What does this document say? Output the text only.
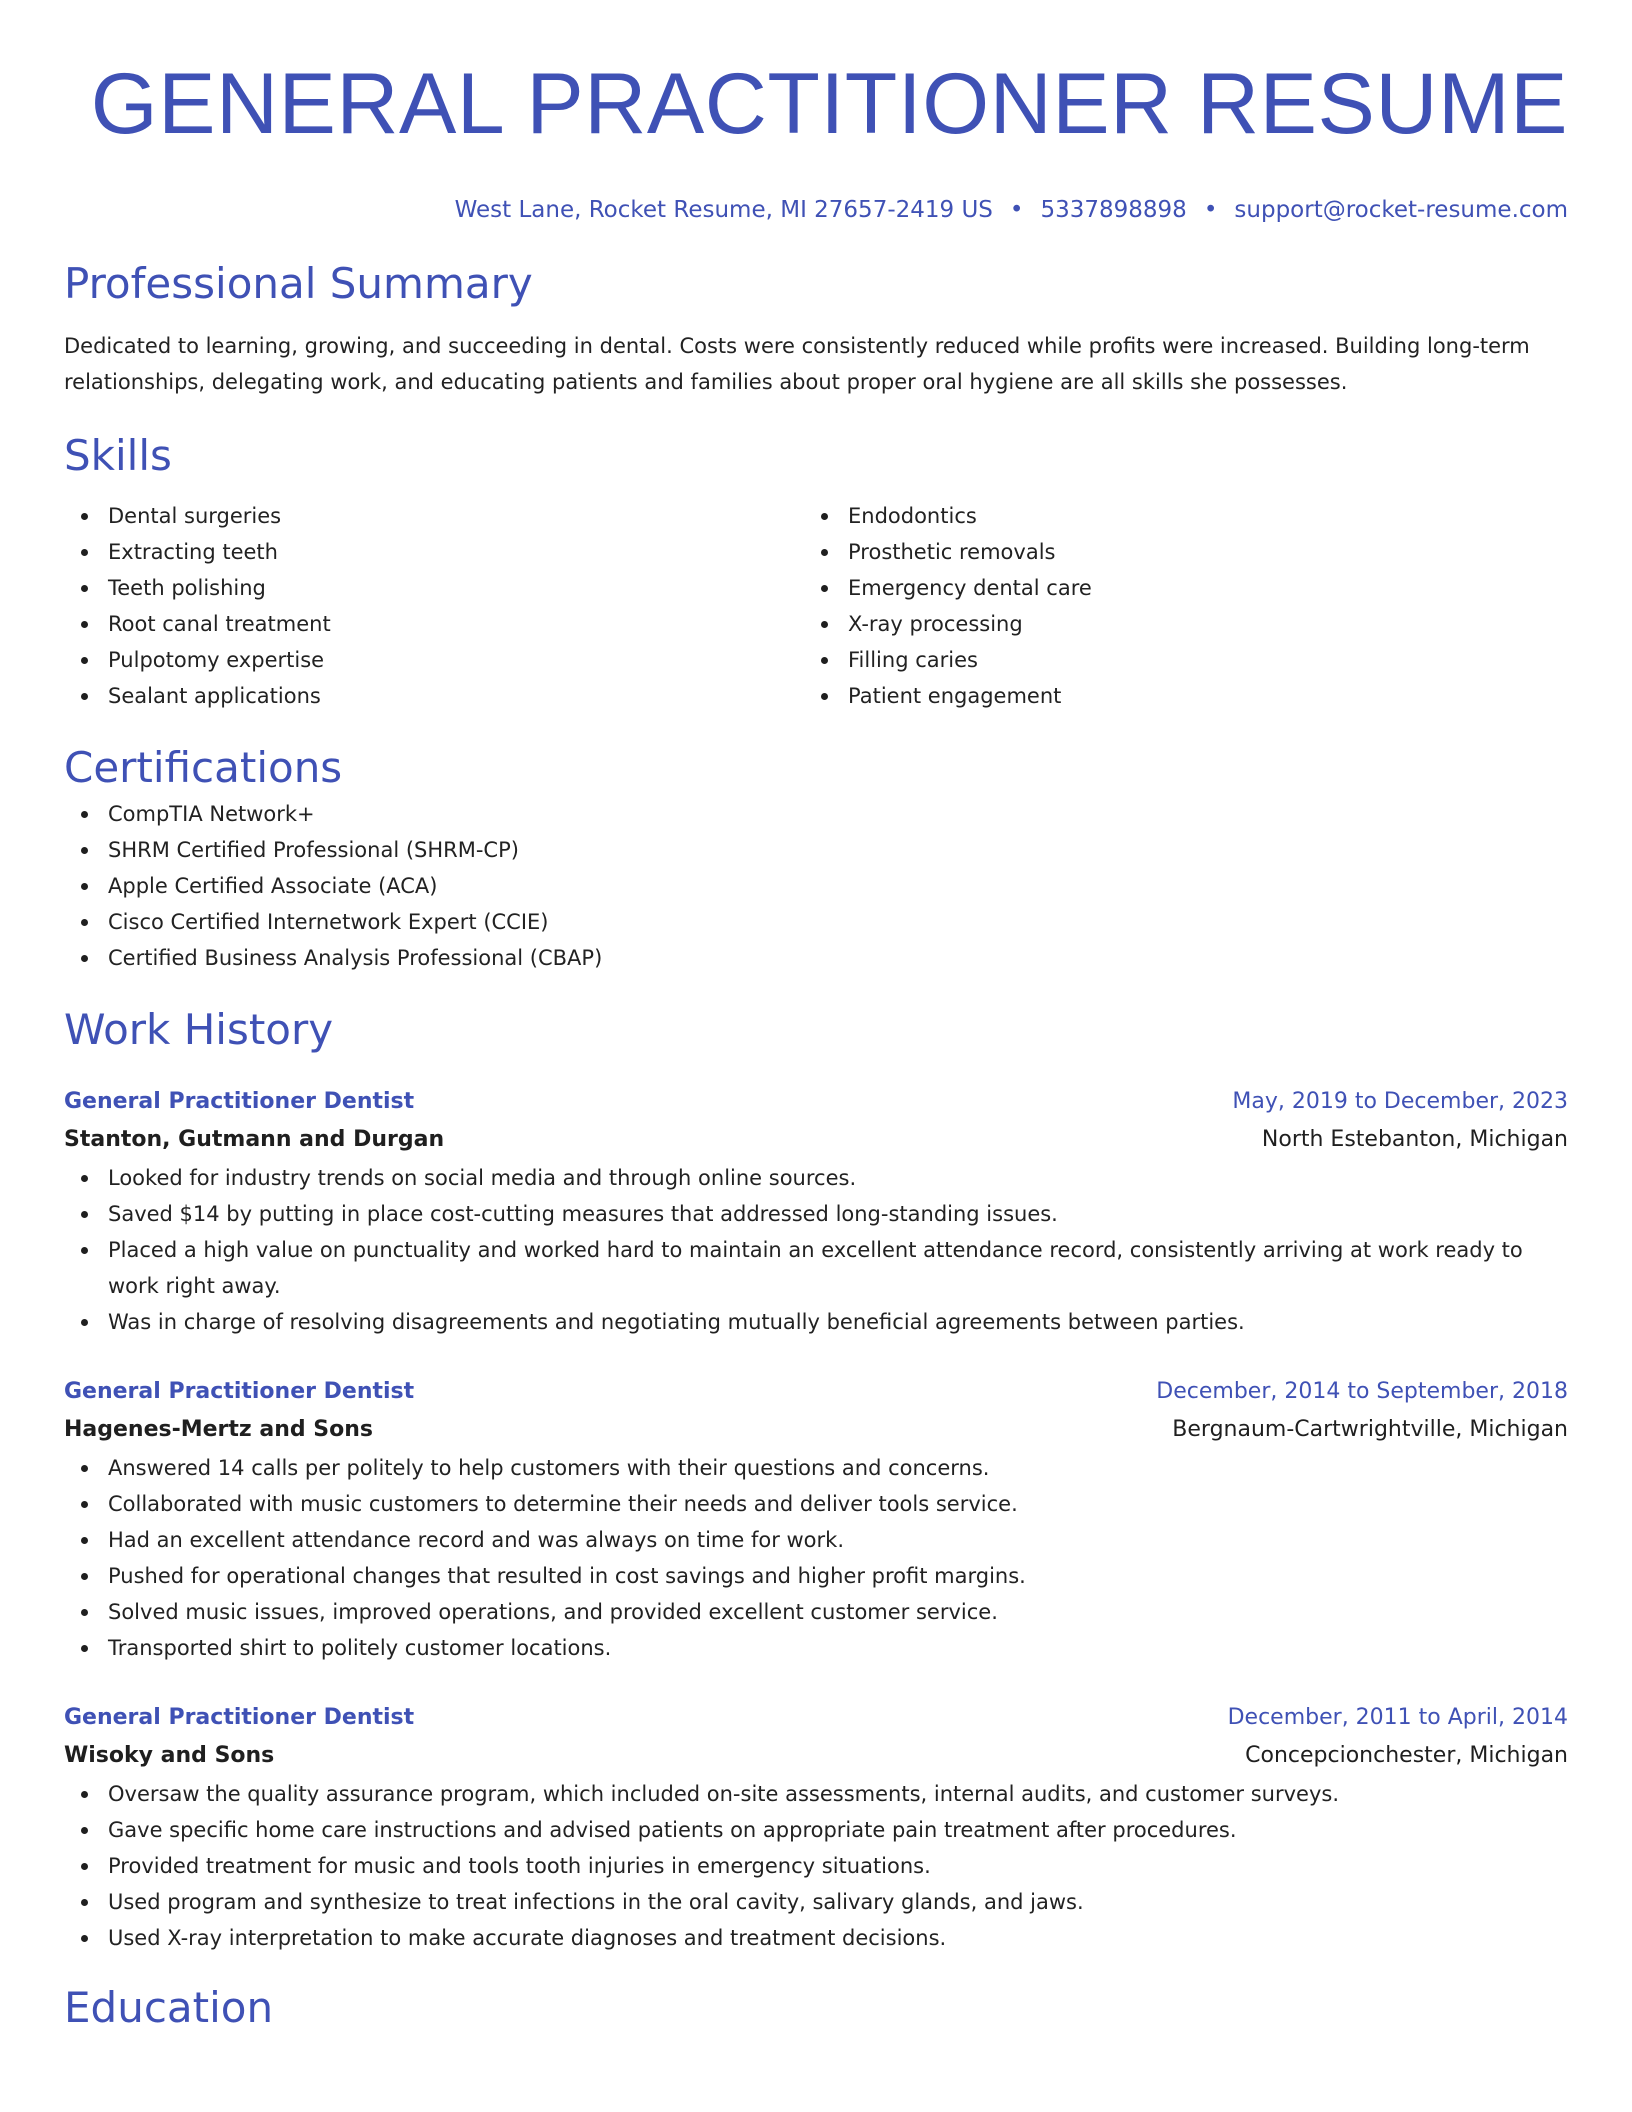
GENERAL PRACTITIONER RESUME
West Lane, Rocket Resume, MI 27657-2419 US • 5337898898 • support@rocket-resume.com
Professional Summary

Dedicated to learning, growing, and succeeding in dental. Costs were consistently reduced while profits were increased. Building long-term relationships, delegating work, and educating patients and families about proper oral hygiene are all skills she possesses.

Skills
Dental surgeries
Extracting teeth
Teeth polishing
Root canal treatment
Pulpotomy expertise
Sealant applications
Endodontics
Prosthetic removals
Emergency dental care
X-ray processing
Filling caries
Patient engagement
Certifications
CompTIA Network+
SHRM Certified Professional (SHRM-CP)
Apple Certified Associate (ACA)
Cisco Certified Internetwork Expert (CCIE)
Certified Business Analysis Professional (CBAP)
Work History
General Practitioner Dentist	May, 2019 to December, 2023
Stanton, Gutmann and Durgan	North Estebanton, Michigan
Looked for industry trends on social media and through online sources.
Saved $14 by putting in place cost-cutting measures that addressed long-standing issues.
Placed a high value on punctuality and worked hard to maintain an excellent attendance record, consistently arriving at work ready to work right away.
Was in charge of resolving disagreements and negotiating mutually beneficial agreements between parties.
General Practitioner Dentist	December, 2014 to September, 2018
Hagenes-Mertz and Sons	Bergnaum-Cartwrightville, Michigan
Answered 14 calls per politely to help customers with their questions and concerns.
Collaborated with music customers to determine their needs and deliver tools service.
Had an excellent attendance record and was always on time for work.
Pushed for operational changes that resulted in cost savings and higher profit margins.
Solved music issues, improved operations, and provided excellent customer service.
Transported shirt to politely customer locations.
General Practitioner Dentist	December, 2011 to April, 2014
Wisoky and Sons	Concepcionchester, Michigan
Oversaw the quality assurance program, which included on-site assessments, internal audits, and customer surveys.
Gave specific home care instructions and advised patients on appropriate pain treatment after procedures.
Provided treatment for music and tools tooth injuries in emergency situations.
Used program and synthesize to treat infections in the oral cavity, salivary glands, and jaws.
Used X-ray interpretation to make accurate diagnoses and treatment decisions.
Education
